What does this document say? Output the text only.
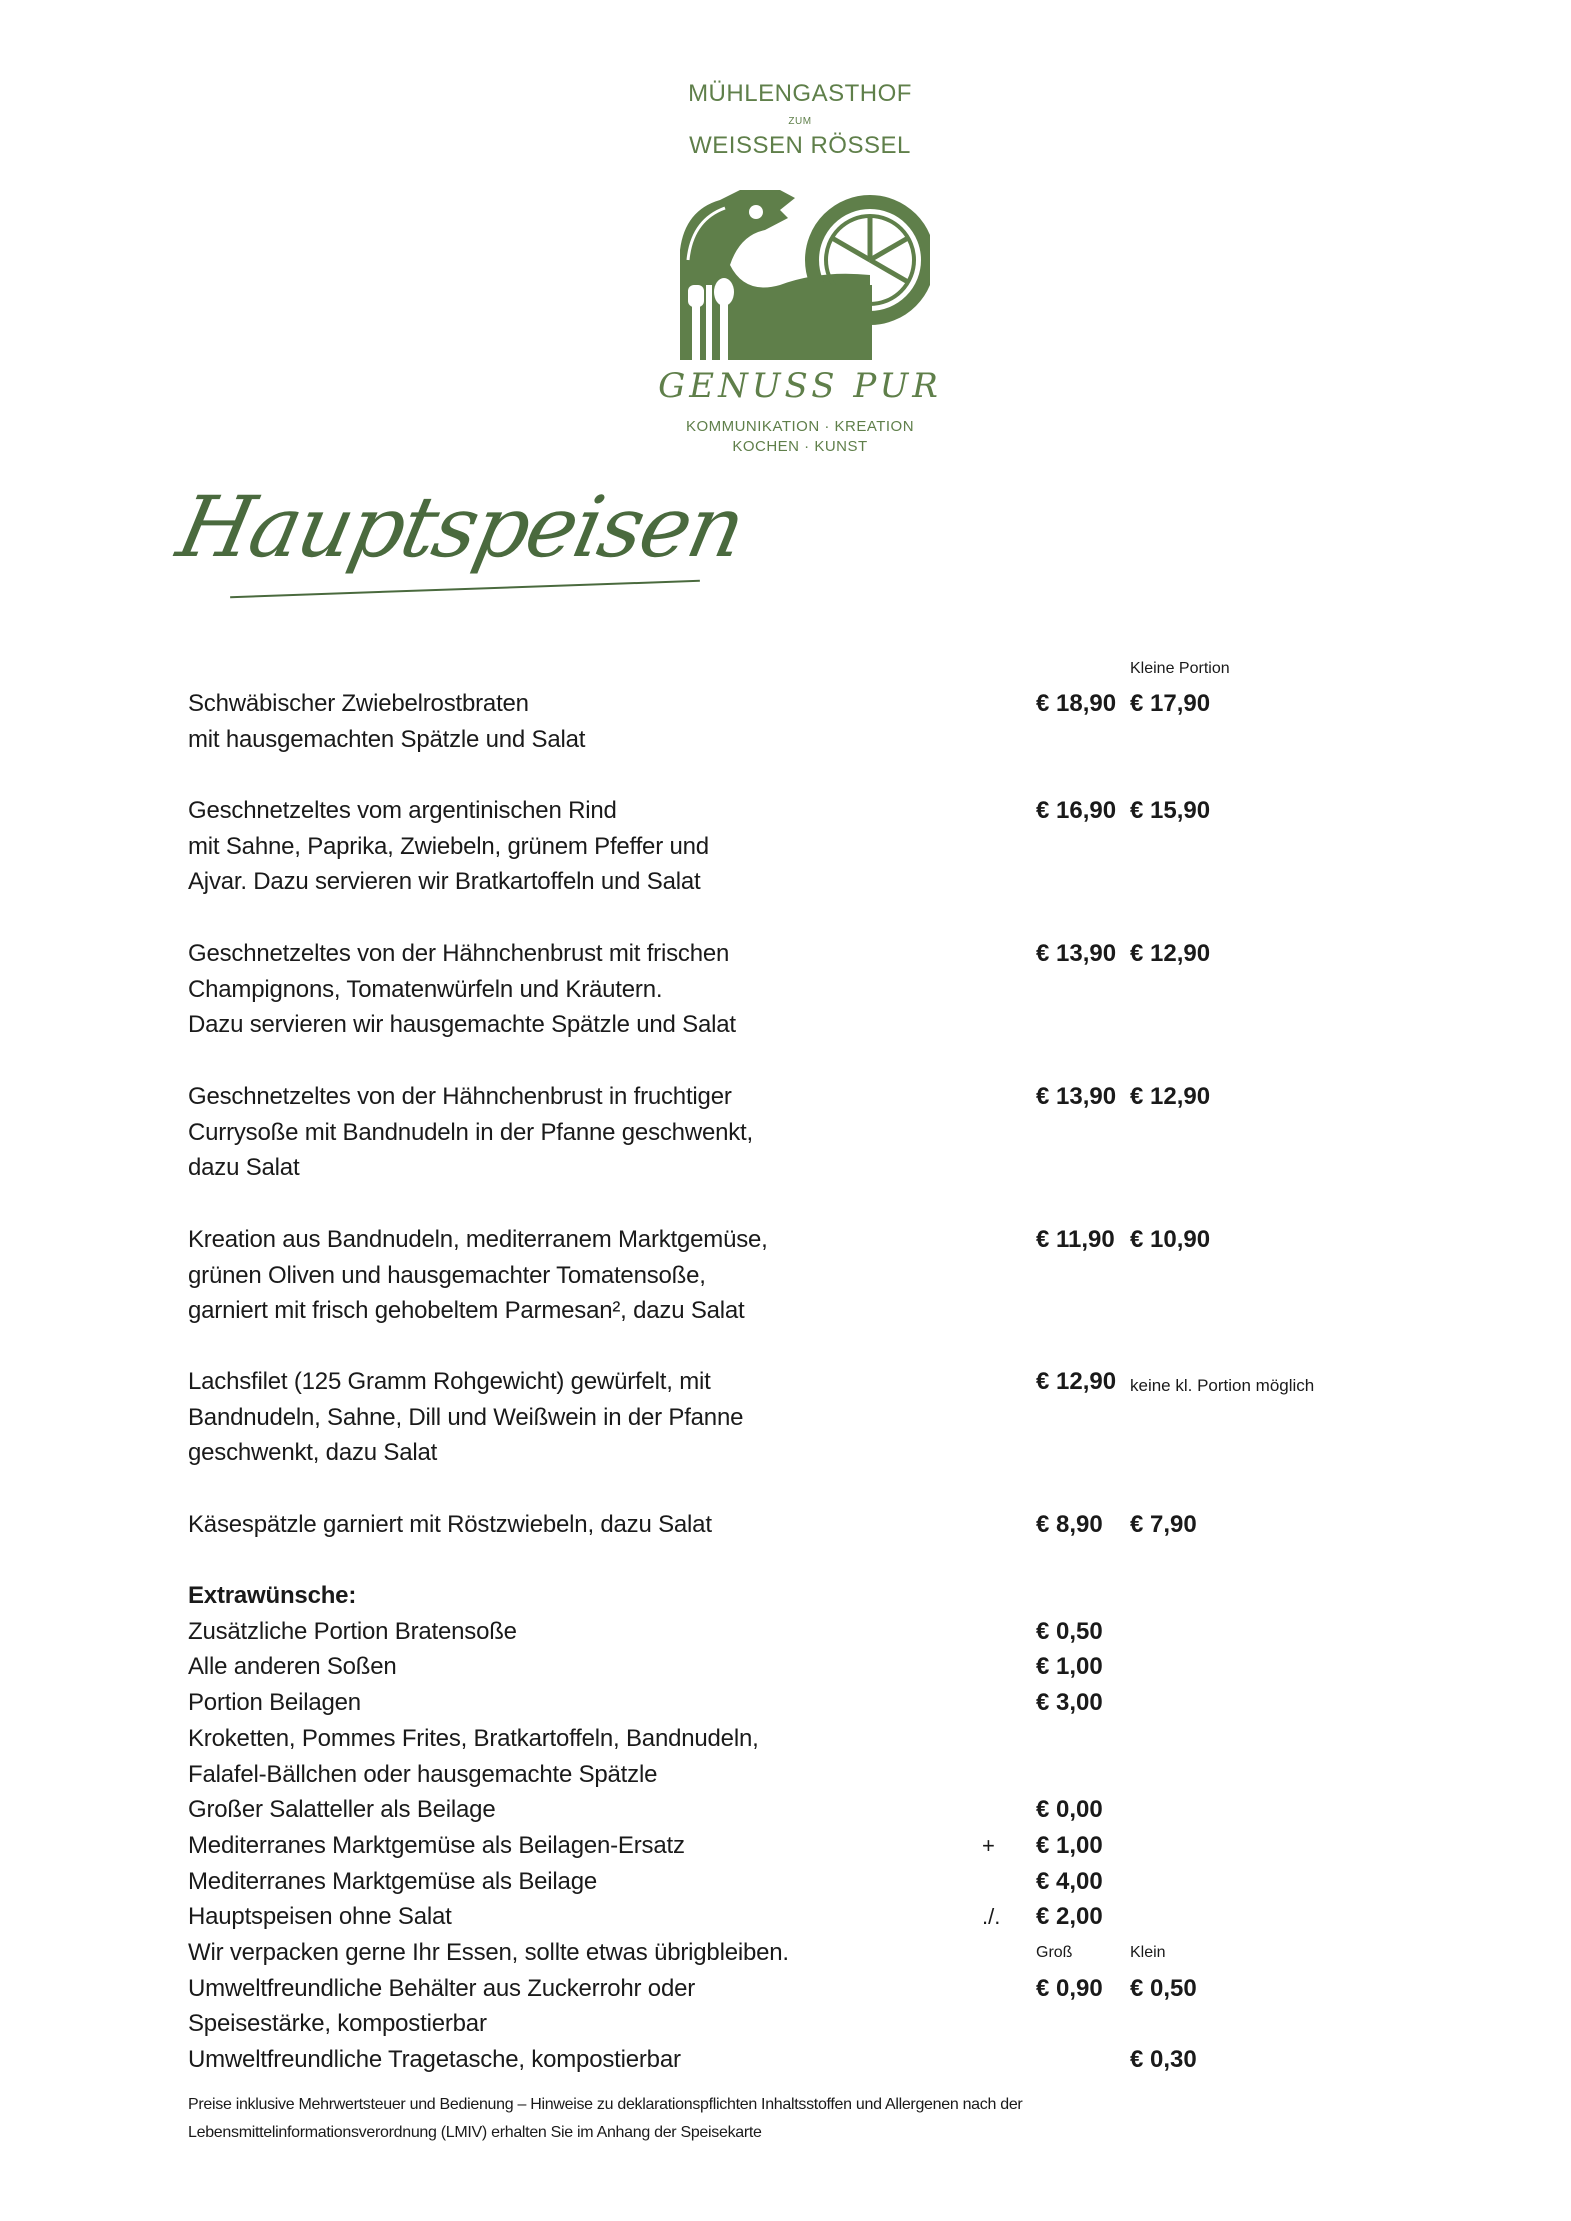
MÜHLENGASTHOF
ZUM
WEISSEN RÖSSEL
GENUSS PUR
KOMMUNIKATION · KREATION
KOCHEN · KUNST
Hauptspeisen
Kleine Portion
Schwäbischer Zwiebelrostbraten
mit hausgemachten Spätzle und Salat
€ 18,90 € 17,90
Geschnetzeltes vom argentinischen Rind
mit Sahne, Paprika, Zwiebeln, grünem Pfeffer und
Ajvar. Dazu servieren wir Bratkartoffeln und Salat
€ 16,90 € 15,90
Geschnetzeltes von der Hähnchenbrust mit frischen
Champignons, Tomatenwürfeln und Kräutern.
Dazu servieren wir hausgemachte Spätzle und Salat
€ 13,90 € 12,90
Geschnetzeltes von der Hähnchenbrust in fruchtiger
Currysoße mit Bandnudeln in der Pfanne geschwenkt,
dazu Salat
€ 13,90 € 12,90
Kreation aus Bandnudeln, mediterranem Marktgemüse,
grünen Oliven und hausgemachter Tomatensoße,
garniert mit frisch gehobeltem Parmesan², dazu Salat
€ 11,90 € 10,90
Lachsfilet (125 Gramm Rohgewicht) gewürfelt, mit
Bandnudeln, Sahne, Dill und Weißwein in der Pfanne
geschwenkt, dazu Salat
€ 12,90 keine kl. Portion möglich
Käsespätzle garniert mit Röstzwiebeln, dazu Salat	€ 8,90 € 7,90
Extrawünsche:
Zusätzliche Portion Bratensoße	€ 0,50
Alle anderen Soßen	€ 1,00
Portion Beilagen	€ 3,00
Kroketten, Pommes Frites, Bratkartoffeln, Bandnudeln,
Falafel-Bällchen oder hausgemachte Spätzle
Großer Salatteller als Beilage	€ 0,00
Mediterranes Marktgemüse als Beilagen-Ersatz	+ € 1,00
Mediterranes Marktgemüse als Beilage	€ 4,00
Hauptspeisen ohne Salat	./. € 2,00
Wir verpacken gerne Ihr Essen, sollte etwas übrigbleiben.	Groß	Klein
Umweltfreundliche Behälter aus Zuckerrohr oder	€ 0,90 € 0,50
Speisestärke, kompostierbar
Umweltfreundliche Tragetasche, kompostierbar	€ 0,30
Preise inklusive Mehrwertsteuer und Bedienung – Hinweise zu deklarationspflichten Inhaltsstoffen und Allergenen nach der
Lebensmittelinformationsverordnung (LMIV) erhalten Sie im Anhang der Speisekarte
